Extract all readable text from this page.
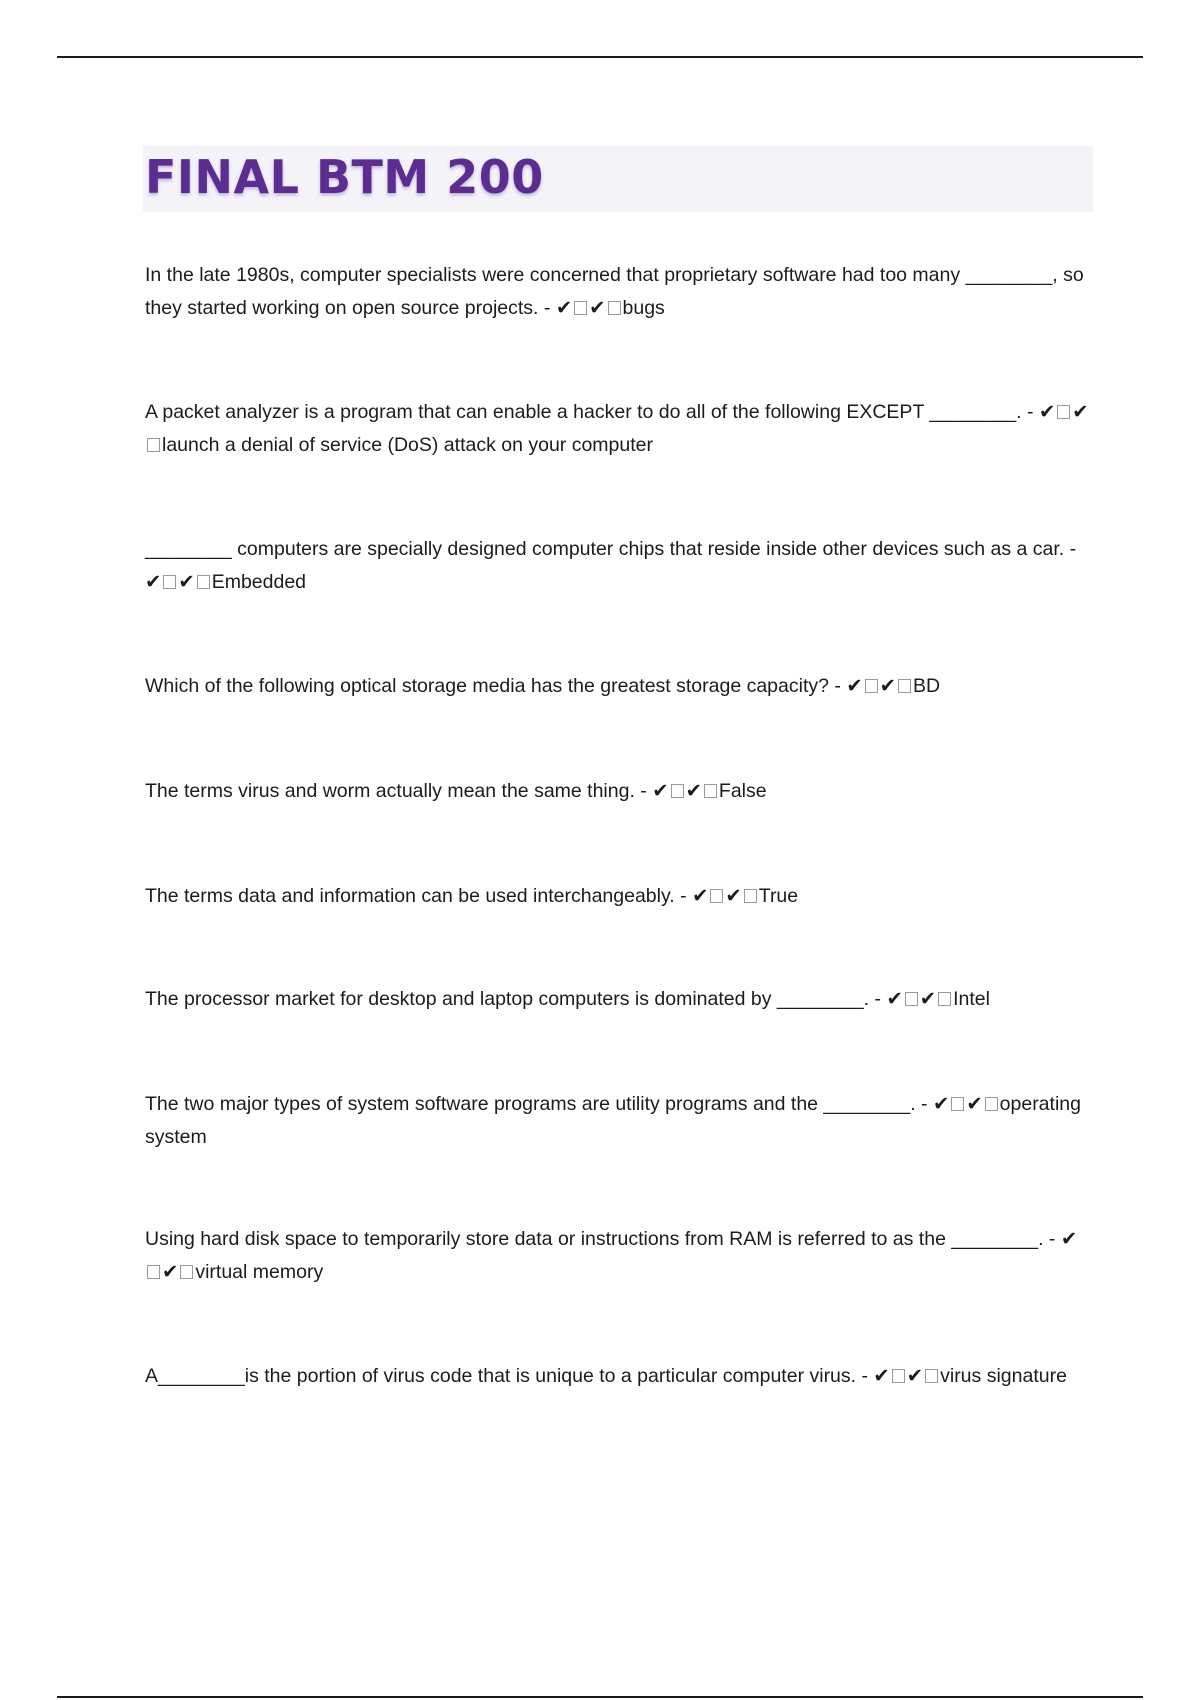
FINAL BTM 200

In the late 1980s, computer specialists were concerned that proprietary software had too many ________, so they started working on open source projects. - ✔ ✔ bugs

A packet analyzer is a program that can enable a hacker to do all of the following EXCEPT ________. - ✔ ✔launch a denial of service (DoS) attack on your computer

________ computers are specially designed computer chips that reside inside other devices such as a car. - ✔ ✔ Embedded

Which of the following optical storage media has the greatest storage capacity? - ✔ ✔ BD

The terms virus and worm actually mean the same thing. - ✔ ✔ False

The terms data and information can be used interchangeably. - ✔ ✔ True

The processor market for desktop and laptop computers is dominated by ________. - ✔ ✔ Intel

The two major types of system software programs are utility programs and the ________. - ✔ ✔ operating system

Using hard disk space to temporarily store data or instructions from RAM is referred to as the ________. - ✔✔ virtual memory

A________is the portion of virus code that is unique to a particular computer virus. - ✔ ✔ virus signature
